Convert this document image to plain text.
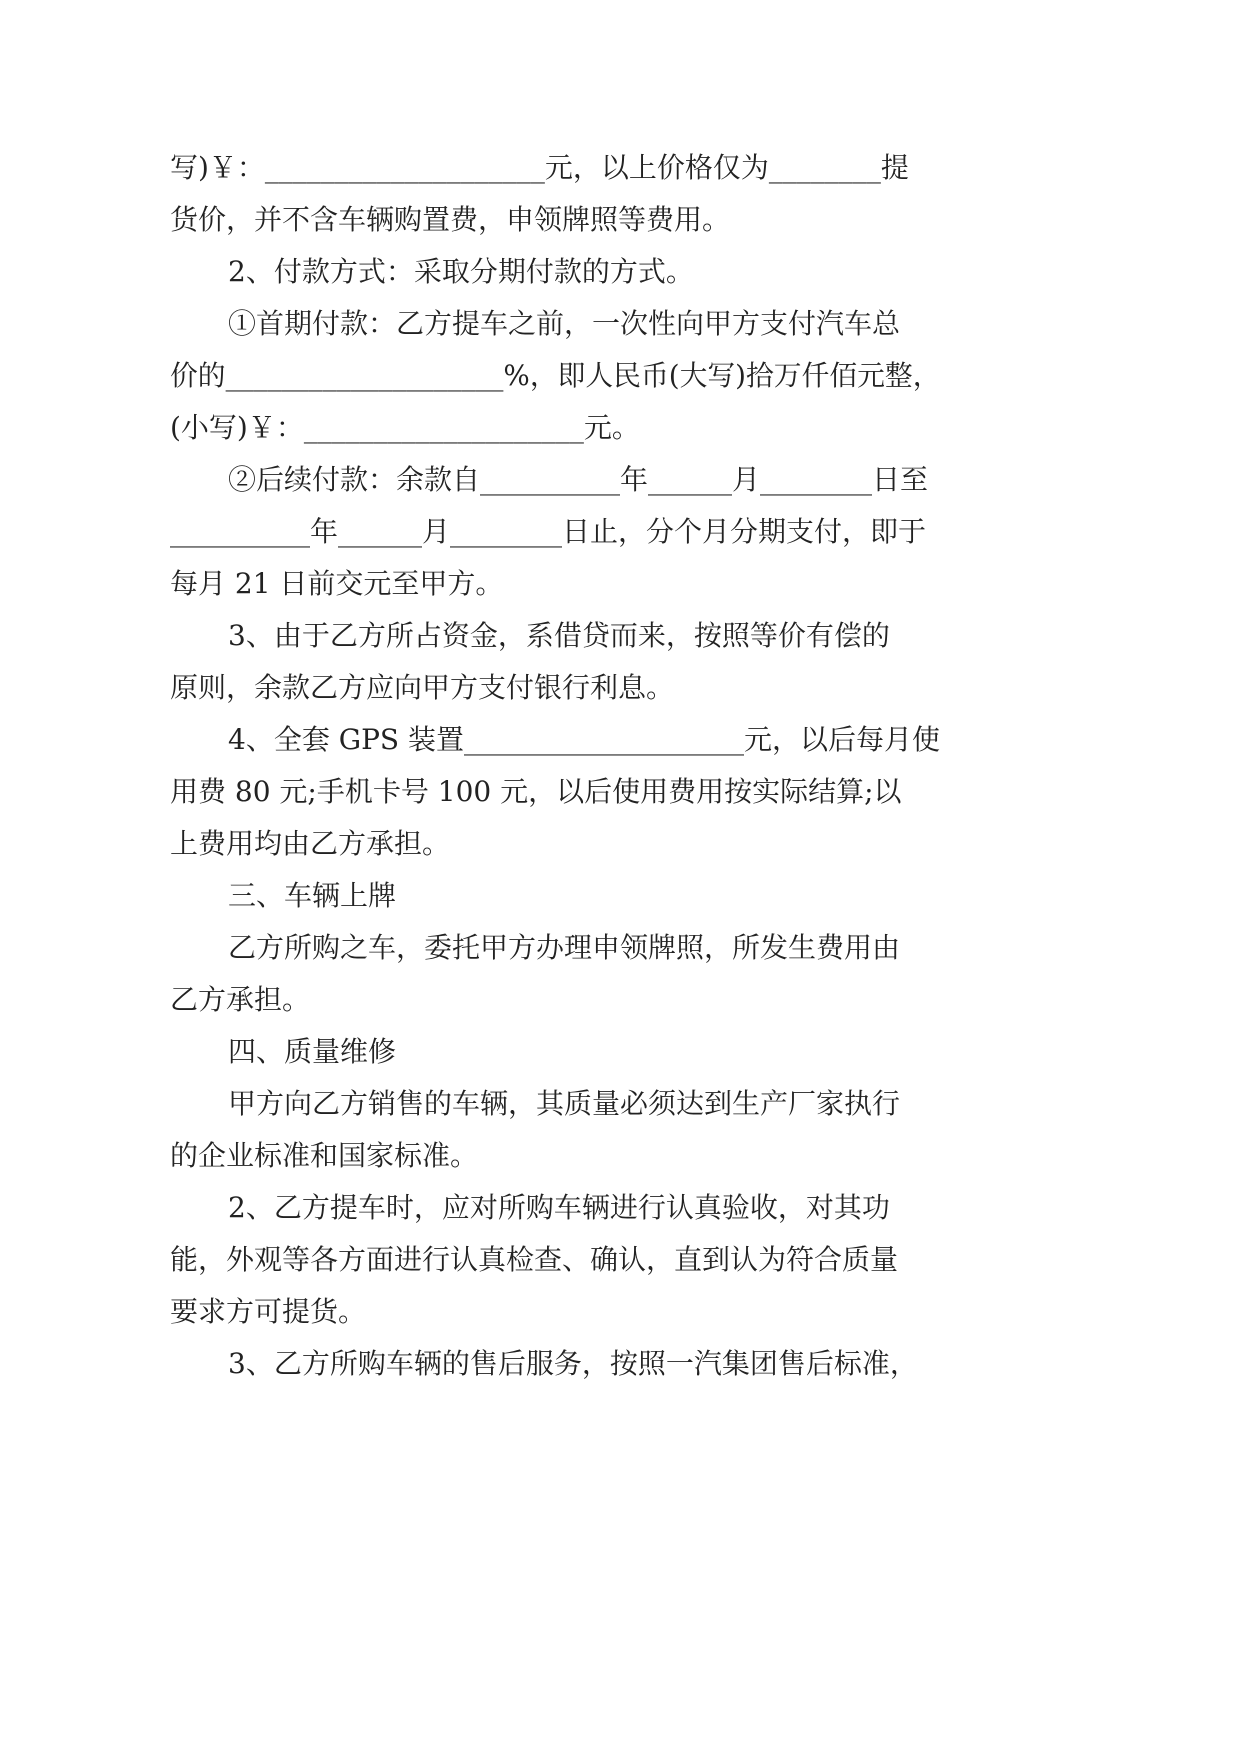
写)￥：____________________元，以上价格仅为________提
货价，并不含车辆购置费，申领牌照等费用。
2、付款方式：采取分期付款的方式。
①首期付款：乙方提车之前，一次性向甲方支付汽车总
价的____________________%，即人民币(大写)拾万仟佰元整，
(小写)￥：____________________元。
②后续付款：余款自__________年______月________日至
__________年______月________日止，分个月分期支付，即于
每月 21 日前交元至甲方。
3、由于乙方所占资金，系借贷而来，按照等价有偿的
原则，余款乙方应向甲方支付银行利息。
4、全套 GPS 装置____________________元，以后每月使
用费 80 元;手机卡号 100 元，以后使用费用按实际结算;以
上费用均由乙方承担。
三、车辆上牌
乙方所购之车，委托甲方办理申领牌照，所发生费用由
乙方承担。
四、质量维修
甲方向乙方销售的车辆，其质量必须达到生产厂家执行
的企业标准和国家标准。
2、乙方提车时，应对所购车辆进行认真验收，对其功
能，外观等各方面进行认真检查、确认，直到认为符合质量
要求方可提货。
3、乙方所购车辆的售后服务，按照一汽集团售后标准，
